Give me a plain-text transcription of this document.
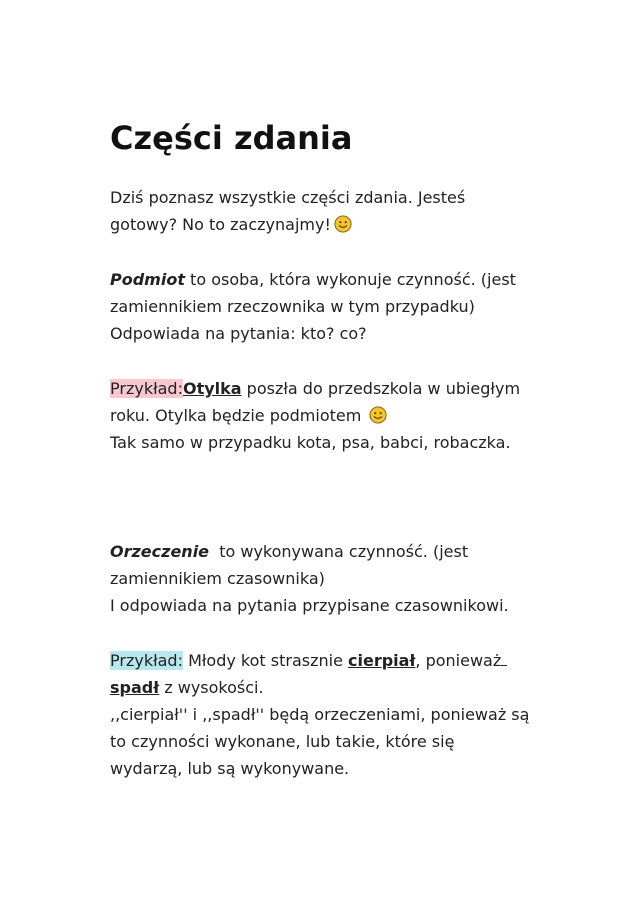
Części zdania

Dziś poznasz wszystkie części zdania. Jesteś
gotowy? No to zaczynajmy!

Podmiot to osoba, która wykonuje czynność. (jest
zamiennikiem rzeczownika w tym przypadku)
Odpowiada na pytania: kto? co?

Przykład:Otylka poszła do przedszkola w ubiegłym
roku. Otylka będzie podmiotem
Tak samo w przypadku kota, psa, babci, robaczka.

Orzeczenie  to wykonywana czynność. (jest
zamiennikiem czasownika)
I odpowiada na pytania przypisane czasownikowi.

Przykład: Młody kot strasznie cierpiał, ponieważ
spadł z wysokości.
,,cierpiał'' i ,,spadł'' będą orzeczeniami, ponieważ są
to czynności wykonane, lub takie, które się
wydarzą, lub są wykonywane.
